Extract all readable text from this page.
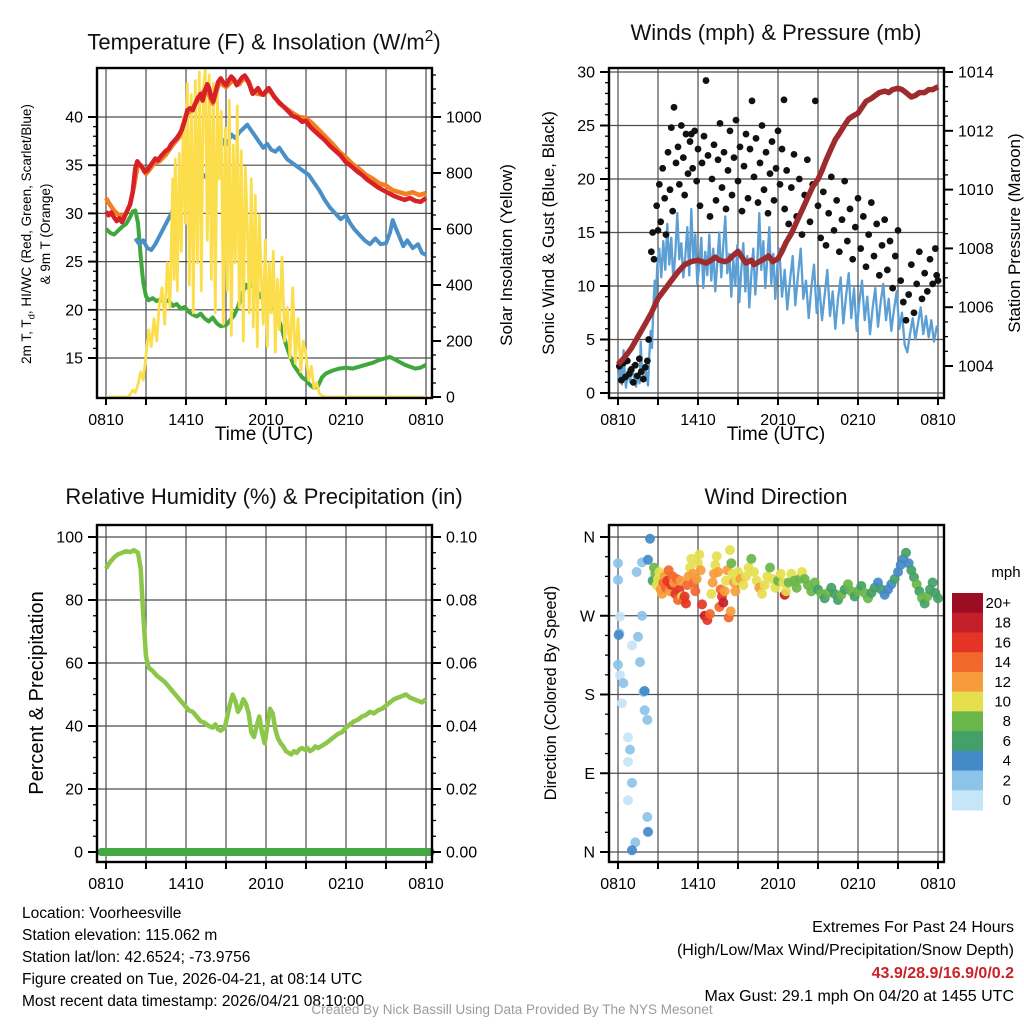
15
20
25
30
35
40
0
200
400
600
800
1000
0810	1410	2010	0210	0810
0
5
10
15
20
25
30
1004
1006
1008
1010
1012
1014
0810	1410	2010	0210	0810
0
20
40
60
80
100
0.00
0.02
0.04
0.06
0.08
0.10
0810	1410	2010	0210	0810
N
E
S
W
N
0810	1410	2010	0210	0810
20+
18
16
14
12
10
8
6
4
2
0
Temperature (F) & Insolation $(W/m^2)$	Winds (mph) & Pressure (mb)
Relative Humidity (%) & Precipitation (in)	Wind Direction
2m T, $T_d$, HI/WC (Red, Green, Scarlet/Blue) & 9m T (Orange)	Solar Insolation (Yellow) Sonic Wind & Gust (Blue, Black)	Station Pressure (Maroon)
Percent & Precipitation	Direction (Colored By Speed)
Time (UTC)	Time (UTC)
mph
Location: Voorheesville
Station elevation: 115.062 m
Station lat/lon: 42.6524; -73.9756
Figure created on Tue, 2026-04-21, at 08:14 UTC
Most recent data timestamp: 2026/04/21 08:10:00
Extremes For Past 24 Hours
(High/Low/Max Wind/Precipitation/Snow Depth)
43.9/28.9/16.9/0/0.2
Max Gust: 29.1 mph On 04/20 at 1455 UTC
Created By Nick Bassill Using Data Provided By The NYS Mesonet
